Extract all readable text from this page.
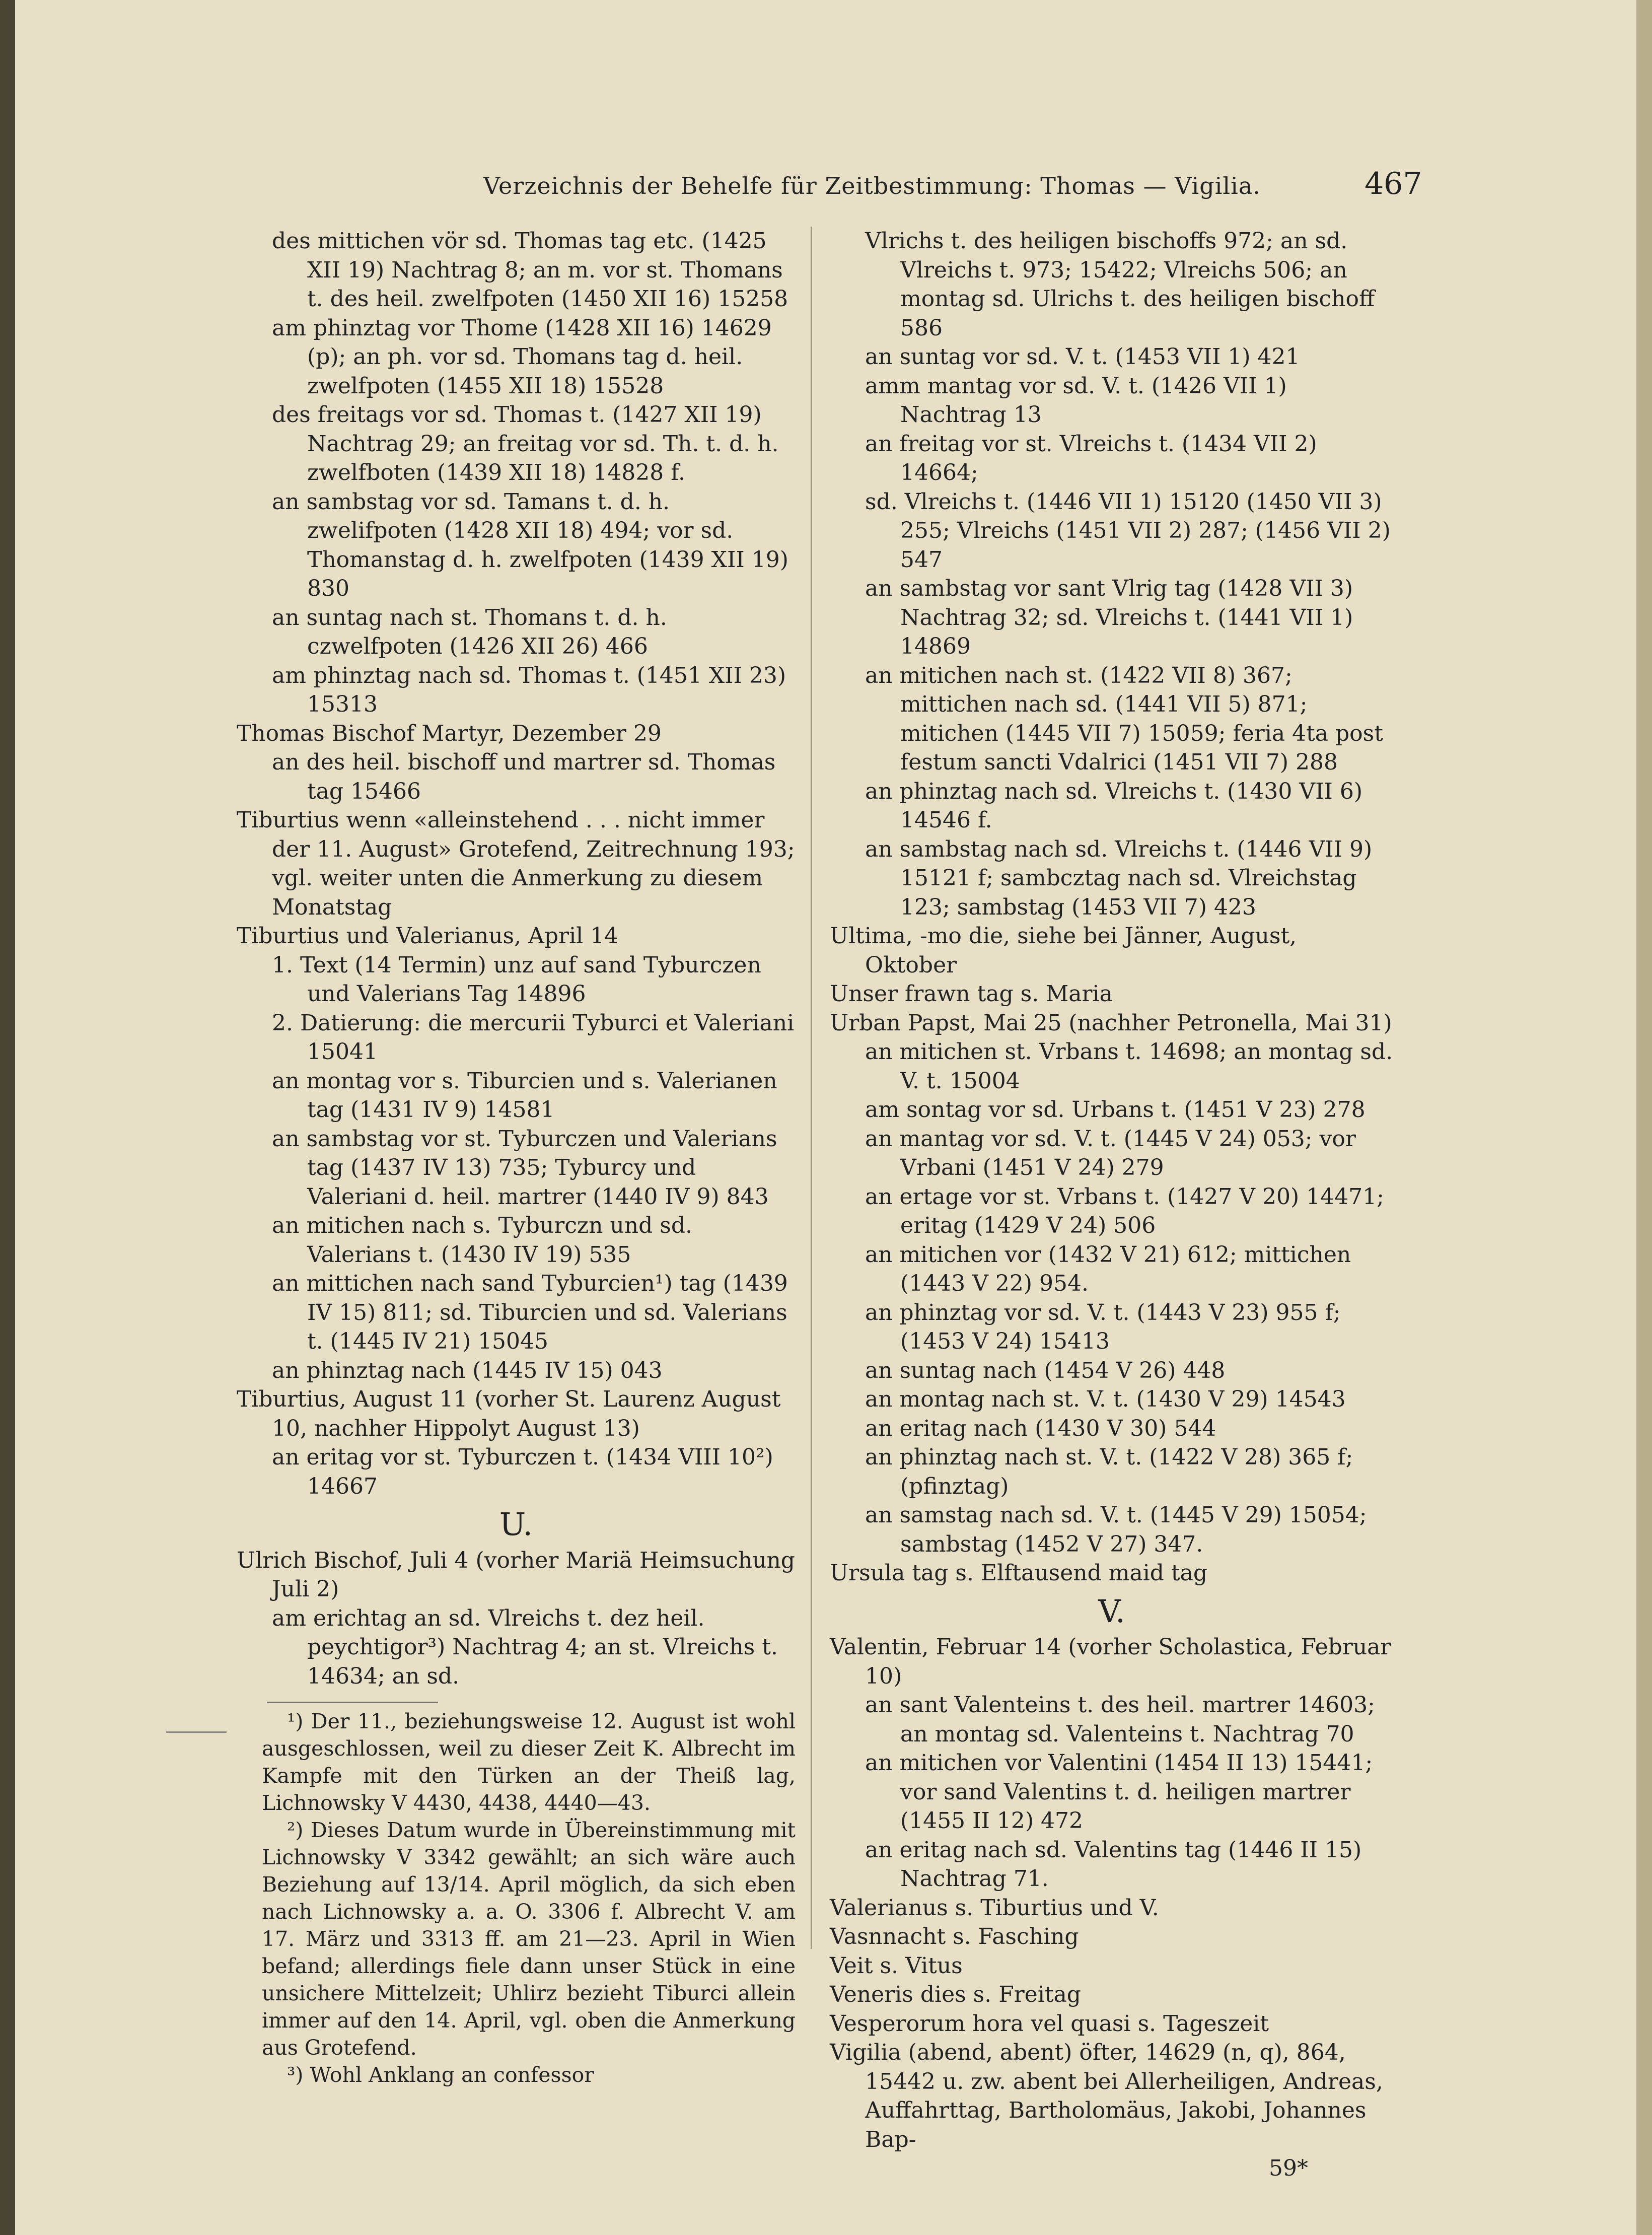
Verzeichnis der Behelfe für Zeitbestimmung: Thomas — Vigilia.	467
des mittichen vör sd. Thomas tag etc. (1425 XII 19) Nachtrag 8; an m. vor st. Thomans t. des heil. zwelfpoten (1450 XII 16) 15258
am phinztag vor Thome (1428 XII 16) 14629 (p); an ph. vor sd. Thomans tag d. heil. zwelfpoten (1455 XII 18) 15528
des freitags vor sd. Thomas t. (1427 XII 19) Nachtrag 29; an freitag vor sd. Th. t. d. h. zwelfboten (1439 XII 18) 14828 f.
an sambstag vor sd. Tamans t. d. h. zwelifpoten (1428 XII 18) 494; vor sd. Thomanstag d. h. zwelfpoten (1439 XII 19) 830
an suntag nach st. Thomans t. d. h. czwelfpoten (1426 XII 26) 466
am phinztag nach sd. Thomas t. (1451 XII 23) 15313
Thomas Bischof Martyr, Dezember 29
an des heil. bischoff und martrer sd. Thomas tag 15466
Tiburtius wenn «alleinstehend . . . nicht immer der 11. August» Grotefend, Zeitrechnung 193; vgl. weiter unten die Anmerkung zu diesem Monatstag
Tiburtius und Valerianus, April 14
1. Text (14 Termin) unz auf sand Tyburczen und Valerians Tag 14896
2. Datierung: die mercurii Tyburci et Valeriani 15041
an montag vor s. Tiburcien und s. Valerianen tag (1431 IV 9) 14581
an sambstag vor st. Tyburczen und Valerians tag (1437 IV 13) 735; Tyburcy und Valeriani d. heil. martrer (1440 IV 9) 843
an mitichen nach s. Tyburczn und sd. Valerians t. (1430 IV 19) 535
an mittichen nach sand Tyburcien¹) tag (1439 IV 15) 811; sd. Tiburcien und sd. Valerians t. (1445 IV 21) 15045
an phinztag nach (1445 IV 15) 043
Tiburtius, August 11 (vorher St. Laurenz August 10, nachher Hippolyt August 13)
an eritag vor st. Tyburczen t. (1434 VIII 10²) 14667
U.
Ulrich Bischof, Juli 4 (vorher Mariä Heimsuchung Juli 2)
am erichtag an sd. Vlreichs t. dez heil. peychtigor³) Nachtrag 4; an st. Vlreichs t. 14634; an sd.
¹) Der 11., beziehungsweise 12. August ist wohl ausgeschlossen, weil zu dieser Zeit K. Albrecht im Kampfe mit den Türken an der Theiß lag, Lichnowsky V 4430, 4438, 4440—43.
²) Dieses Datum wurde in Übereinstimmung mit Lichnowsky V 3342 gewählt; an sich wäre auch Beziehung auf 13/14. April möglich, da sich eben nach Lichnowsky a. a. O. 3306 f. Albrecht V. am 17. März und 3313 ff. am 21—23. April in Wien befand; allerdings fiele dann unser Stück in eine unsichere Mittelzeit; Uhlirz bezieht Tiburci allein immer auf den 14. April, vgl. oben die Anmerkung aus Grotefend.
³) Wohl Anklang an confessor
Vlrichs t. des heiligen bischoffs 972; an sd. Vlreichs t. 973; 15422; Vlreichs 506; an montag sd. Ulrichs t. des heiligen bischoff 586
an suntag vor sd. V. t. (1453 VII 1) 421
amm mantag vor sd. V. t. (1426 VII 1) Nachtrag 13
an freitag vor st. Vlreichs t. (1434 VII 2) 14664;
sd. Vlreichs t. (1446 VII 1) 15120 (1450 VII 3) 255; Vlreichs (1451 VII 2) 287; (1456 VII 2) 547
an sambstag vor sant Vlrig tag (1428 VII 3) Nachtrag 32; sd. Vlreichs t. (1441 VII 1) 14869
an mitichen nach st. (1422 VII 8) 367; mittichen nach sd. (1441 VII 5) 871; mitichen (1445 VII 7) 15059; feria 4ta post festum sancti Vdalrici (1451 VII 7) 288
an phinztag nach sd. Vlreichs t. (1430 VII 6) 14546 f.
an sambstag nach sd. Vlreichs t. (1446 VII 9) 15121 f; sambcztag nach sd. Vlreichstag 123; sambstag (1453 VII 7) 423
Ultima, -mo die, siehe bei Jänner, August, Oktober
Unser frawn tag s. Maria
Urban Papst, Mai 25 (nachher Petronella, Mai 31)
an mitichen st. Vrbans t. 14698; an montag sd. V. t. 15004
am sontag vor sd. Urbans t. (1451 V 23) 278
an mantag vor sd. V. t. (1445 V 24) 053; vor Vrbani (1451 V 24) 279
an ertage vor st. Vrbans t. (1427 V 20) 14471; eritag (1429 V 24) 506
an mitichen vor (1432 V 21) 612; mittichen (1443 V 22) 954.
an phinztag vor sd. V. t. (1443 V 23) 955 f; (1453 V 24) 15413
an suntag nach (1454 V 26) 448
an montag nach st. V. t. (1430 V 29) 14543
an eritag nach (1430 V 30) 544
an phinztag nach st. V. t. (1422 V 28) 365 f; (pfinztag)
an samstag nach sd. V. t. (1445 V 29) 15054; sambstag (1452 V 27) 347.
Ursula tag s. Elftausend maid tag
V.
Valentin, Februar 14 (vorher Scholastica, Februar 10)
an sant Valenteins t. des heil. martrer 14603; an montag sd. Valenteins t. Nachtrag 70
an mitichen vor Valentini (1454 II 13) 15441; vor sand Valentins t. d. heiligen martrer (1455 II 12) 472
an eritag nach sd. Valentins tag (1446 II 15) Nachtrag 71.
Valerianus s. Tiburtius und V.
Vasnnacht s. Fasching
Veit s. Vitus
Veneris dies s. Freitag
Vesperorum hora vel quasi s. Tageszeit
Vigilia (abend, abent) öfter, 14629 (n, q), 864, 15442 u. zw. abent bei Allerheiligen, Andreas, Auffahrttag, Bartholomäus, Jakobi, Johannes Bap-
59*
